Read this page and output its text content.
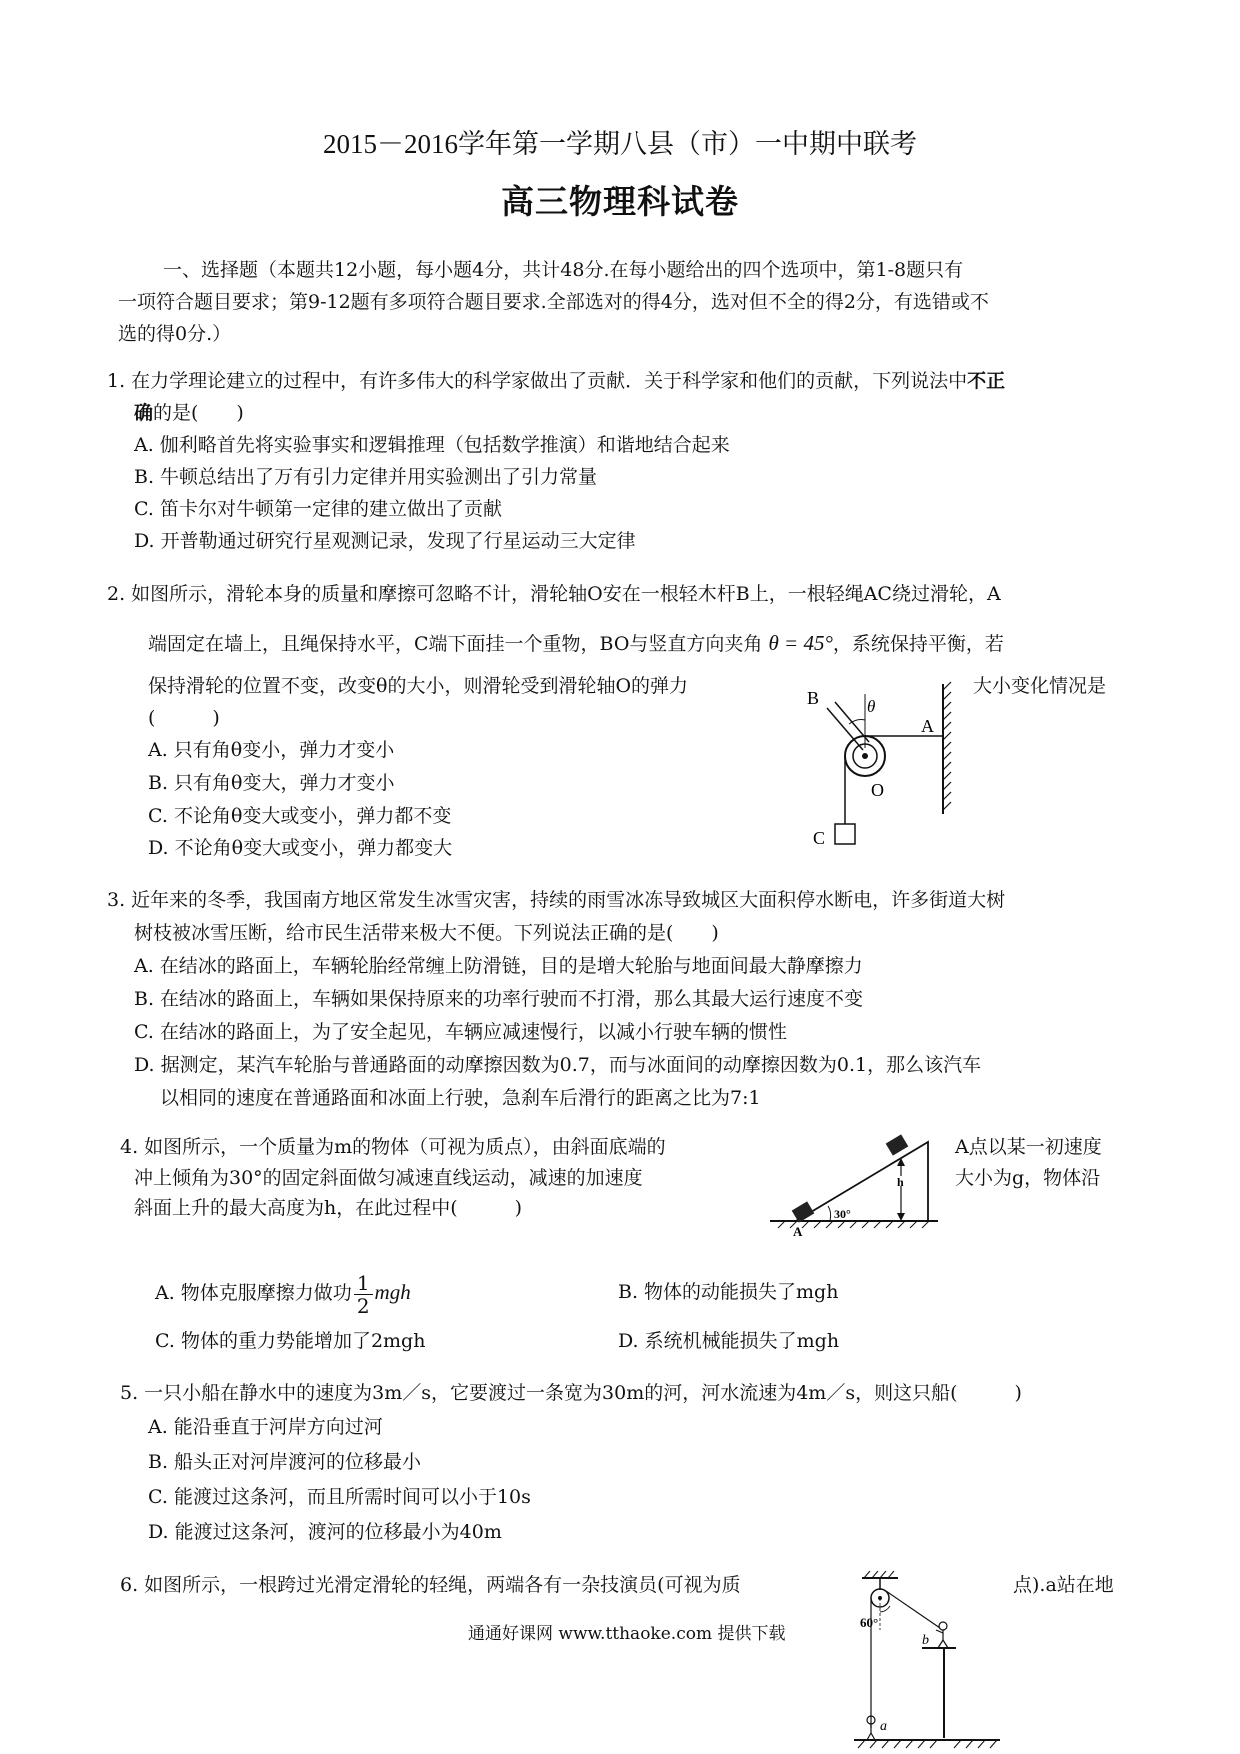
2015－2016学年第一学期八县（市）一中期中联考
高三物理科试卷
一、选择题（本题共12小题，每小题4分，共计48分.在每小题给出的四个选项中，第1-8题只有
一项符合题目要求；第9-12题有多项符合题目要求.全部选对的得4分，选对但不全的得2分，有选错或不
选的得0分.）
1. 在力学理论建立的过程中，有许多伟大的科学家做出了贡献．关于科学家和他们的贡献，下列说法中不正
确的是(　　)
A. 伽利略首先将实验事实和逻辑推理（包括数学推演）和谐地结合起来
B. 牛顿总结出了万有引力定律并用实验测出了引力常量
C. 笛卡尔对牛顿第一定律的建立做出了贡献
D. 开普勒通过研究行星观测记录，发现了行星运动三大定律
2. 如图所示，滑轮本身的质量和摩擦可忽略不计，滑轮轴O安在一根轻木杆B上，一根轻绳AC绕过滑轮，A
端固定在墙上，且绳保持水平，C端下面挂一个重物，BO与竖直方向夹角 θ = 45°，系统保持平衡，若
保持滑轮的位置不变，改变θ的大小，则滑轮受到滑轮轴O的弹力	大小变化情况是
(　　　)
A. 只有角θ变小，弹力才变小
B. 只有角θ变大，弹力才变小
C. 不论角θ变大或变小，弹力都不变
D. 不论角θ变大或变小，弹力都变大
B	θ
A
O
C
3. 近年来的冬季，我国南方地区常发生冰雪灾害，持续的雨雪冰冻导致城区大面积停水断电，许多街道大树
树枝被冰雪压断，给市民生活带来极大不便。下列说法正确的是(　　)
A. 在结冰的路面上，车辆轮胎经常缠上防滑链，目的是增大轮胎与地面间最大静摩擦力
B. 在结冰的路面上，车辆如果保持原来的功率行驶而不打滑，那么其最大运行速度不变
C. 在结冰的路面上，为了安全起见，车辆应减速慢行，以减小行驶车辆的惯性
D. 据测定，某汽车轮胎与普通路面的动摩擦因数为0.7，而与冰面间的动摩擦因数为0.1，那么该汽车
以相同的速度在普通路面和冰面上行驶，急刹车后滑行的距离之比为7:1
4. 如图所示，一个质量为m的物体（可视为质点），由斜面底端的	A点以某一初速度
冲上倾角为30°的固定斜面做匀减速直线运动，减速的加速度	大小为g，物体沿
斜面上升的最大高度为h，在此过程中(　　　)	30°
h
A
A. 物体克服摩擦力做功 $\frac{1}{2}$ mgh	B. 物体的动能损失了mgh
C. 物体的重力势能增加了2mgh	D. 系统机械能损失了mgh
5. 一只小船在静水中的速度为3m／s，它要渡过一条宽为30m的河，河水流速为4m／s，则这只船(　　　)
A. 能沿垂直于河岸方向过河
B. 船头正对河岸渡河的位移最小
C. 能渡过这条河，而且所需时间可以小于10s
D. 能渡过这条河，渡河的位移最小为40m
6. 如图所示，一根跨过光滑定滑轮的轻绳，两端各有一杂技演员(可视为质	点).a站在地
60°
b
a
通通好课网 www.tthaoke.com 提供下载
